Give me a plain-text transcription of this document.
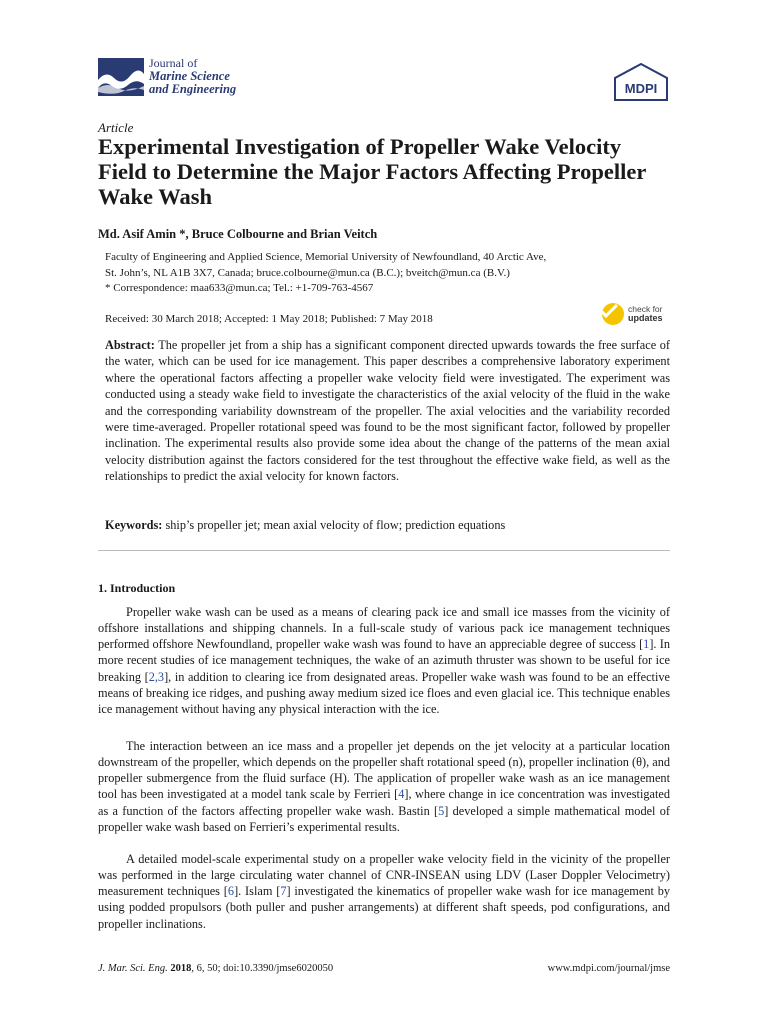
Journal of
Marine Science
and Engineering	MDPI
Article
Experimental Investigation of Propeller Wake Velocity Field to Determine the Major Factors Affecting Propeller Wake Wash
Md. Asif Amin *, Bruce Colbourne and Brian Veitch
Faculty of Engineering and Applied Science, Memorial University of Newfoundland, 40 Arctic Ave,
St. John’s, NL A1B 3X7, Canada; bruce.colbourne@mun.ca (B.C.); bveitch@mun.ca (B.V.)
* Correspondence: maa633@mun.ca; Tel.: +1-709-763-4567
Received: 30 March 2018; Accepted: 1 May 2018; Published: 7 May 2018
check for
updates
Abstract: The propeller jet from a ship has a significant component directed upwards towards the free surface of the water, which can be used for ice management. This paper describes a comprehensive laboratory experiment where the operational factors affecting a propeller wake velocity field were investigated. The experiment was conducted using a steady wake field to investigate the characteristics of the axial velocity of the fluid in the wake and the corresponding variability downstream of the propeller. The axial velocities and the variability recorded were time-averaged. Propeller rotational speed was found to be the most significant factor, followed by propeller inclination. The experimental results also provide some idea about the change of the patterns of the mean axial velocity distribution against the factors considered for the test throughout the effective wake field, as well as the relationships to predict the axial velocity for known factors.
Keywords: ship’s propeller jet; mean axial velocity of flow; prediction equations
1. Introduction
Propeller wake wash can be used as a means of clearing pack ice and small ice masses from the vicinity of offshore installations and shipping channels. In a full-scale study of various pack ice management techniques performed offshore Newfoundland, propeller wake wash was found to have an appreciable degree of success [1]. In more recent studies of ice management techniques, the wake of an azimuth thruster was shown to be useful for ice breaking [2,3], in addition to clearing ice from designated areas. Propeller wake wash was found to be an effective means of breaking ice ridges, and pushing away medium sized ice floes and even glacial ice. This technique enables ice management without having any physical interaction with the ice.
The interaction between an ice mass and a propeller jet depends on the jet velocity at a particular location downstream of the propeller, which depends on the propeller shaft rotational speed (n), propeller inclination (θ), and propeller submergence from the fluid surface (H). The application of propeller wake wash as an ice management tool has been investigated at a model tank scale by Ferrieri [4], where change in ice concentration was investigated as a function of the factors affecting propeller wake wash. Bastin [5] developed a simple mathematical model of propeller wake wash based on Ferrieri’s experimental results.
A detailed model-scale experimental study on a propeller wake velocity field in the vicinity of the propeller was performed in the large circulating water channel of CNR-INSEAN using LDV (Laser Doppler Velocimetry) measurement techniques [6]. Islam [7] investigated the kinematics of propeller wake wash for ice management by using podded propulsors (both puller and pusher arrangements) at different shaft speeds, pod configurations, and propeller inclinations.
J. Mar. Sci. Eng. 2018, 6, 50; doi:10.3390/jmse6020050	www.mdpi.com/journal/jmse
